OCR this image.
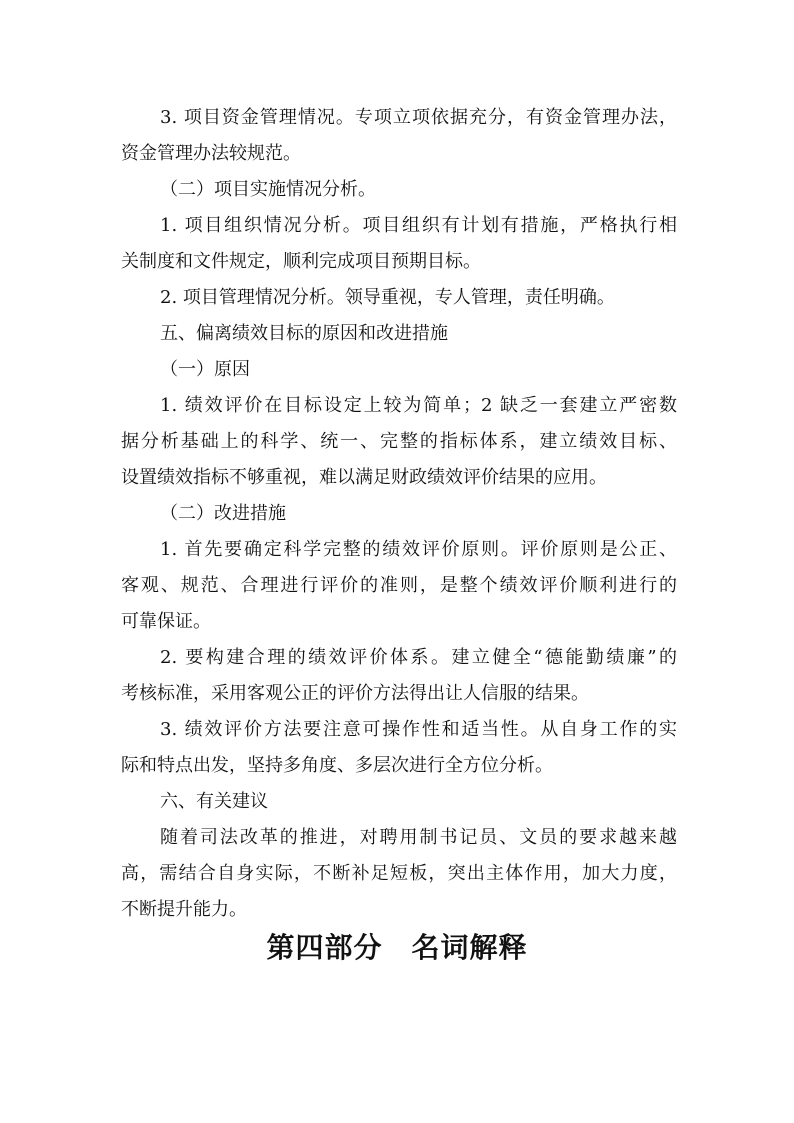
3. 项目资金管理情况。专项立项依据充分，有资金管理办法，
资金管理办法较规范。
（二）项目实施情况分析。
1. 项目组织情况分析。项目组织有计划有措施，严格执行相
关制度和文件规定，顺利完成项目预期目标。
2. 项目管理情况分析。领导重视，专人管理，责任明确。
五、偏离绩效目标的原因和改进措施
（一）原因
1. 绩效评价在目标设定上较为简单；2 缺乏一套建立严密数
据分析基础上的科学、统一、完整的指标体系，建立绩效目标、
设置绩效指标不够重视，难以满足财政绩效评价结果的应用。
（二）改进措施
1. 首先要确定科学完整的绩效评价原则。评价原则是公正、
客观、规范、合理进行评价的准则，是整个绩效评价顺利进行的
可靠保证。
2. 要构建合理的绩效评价体系。建立健全“德能勤绩廉”的
考核标准，采用客观公正的评价方法得出让人信服的结果。
3. 绩效评价方法要注意可操作性和适当性。从自身工作的实
际和特点出发，坚持多角度、多层次进行全方位分析。
六、有关建议
随着司法改革的推进，对聘用制书记员、文员的要求越来越
高，需结合自身实际，不断补足短板，突出主体作用，加大力度，
不断提升能力。
第四部分　名词解释
